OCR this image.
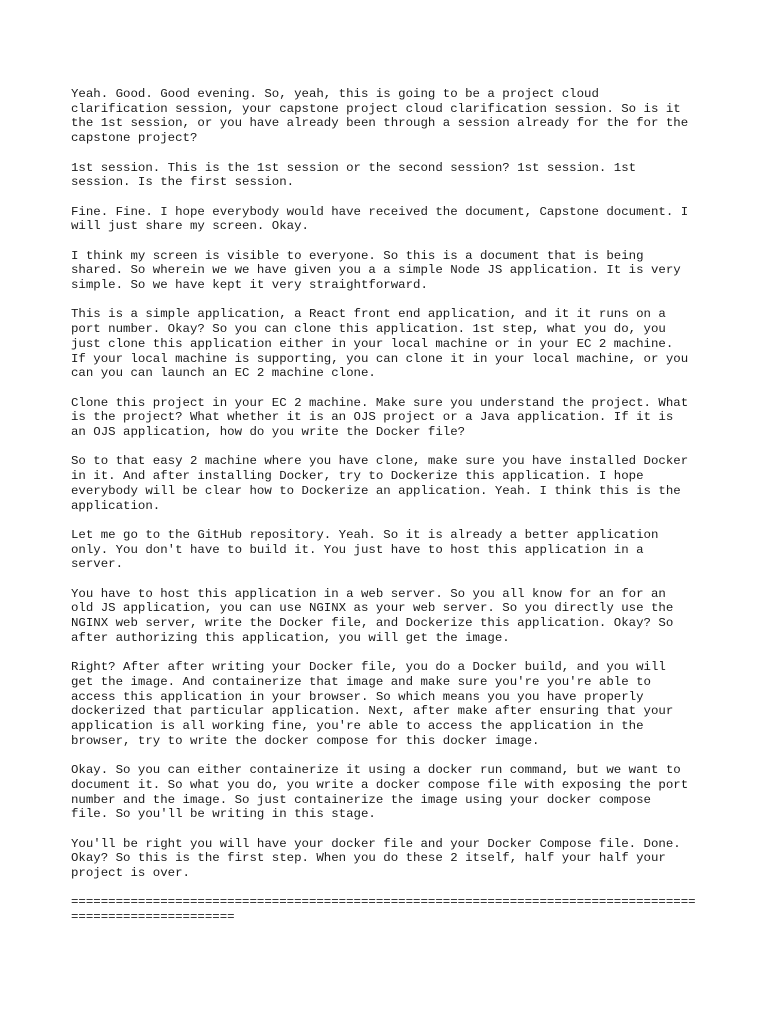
Yeah. Good. Good evening. So, yeah, this is going to be a project cloud
clarification session, your capstone project cloud clarification session. So is it
the 1st session, or you have already been through a session already for the for the
capstone project?

1st session. This is the 1st session or the second session? 1st session. 1st
session. Is the first session.

Fine. Fine. I hope everybody would have received the document, Capstone document. I
will just share my screen. Okay.

I think my screen is visible to everyone. So this is a document that is being
shared. So wherein we we have given you a a simple Node JS application. It is very
simple. So we have kept it very straightforward.

This is a simple application, a React front end application, and it it runs on a
port number. Okay? So you can clone this application. 1st step, what you do, you
just clone this application either in your local machine or in your EC 2 machine.
If your local machine is supporting, you can clone it in your local machine, or you
can you can launch an EC 2 machine clone.

Clone this project in your EC 2 machine. Make sure you understand the project. What
is the project? What whether it is an OJS project or a Java application. If it is
an OJS application, how do you write the Docker file?

So to that easy 2 machine where you have clone, make sure you have installed Docker
in it. And after installing Docker, try to Dockerize this application. I hope
everybody will be clear how to Dockerize an application. Yeah. I think this is the
application.

Let me go to the GitHub repository. Yeah. So it is already a better application
only. You don't have to build it. You just have to host this application in a
server.

You have to host this application in a web server. So you all know for an for an
old JS application, you can use NGINX as your web server. So you directly use the
NGINX web server, write the Docker file, and Dockerize this application. Okay? So
after authorizing this application, you will get the image.

Right? After after writing your Docker file, you do a Docker build, and you will
get the image. And containerize that image and make sure you're you're able to
access this application in your browser. So which means you you have properly
dockerized that particular application. Next, after make after ensuring that your
application is all working fine, you're able to access the application in the
browser, try to write the docker compose for this docker image.

Okay. So you can either containerize it using a docker run command, but we want to
document it. So what you do, you write a docker compose file with exposing the port
number and the image. So just containerize the image using your docker compose
file. So you'll be writing in this stage.

You'll be right you will have your docker file and your Docker Compose file. Done.
Okay? So this is the first step. When you do these 2 itself, half your half your
project is over.

====================================================================================
======================
